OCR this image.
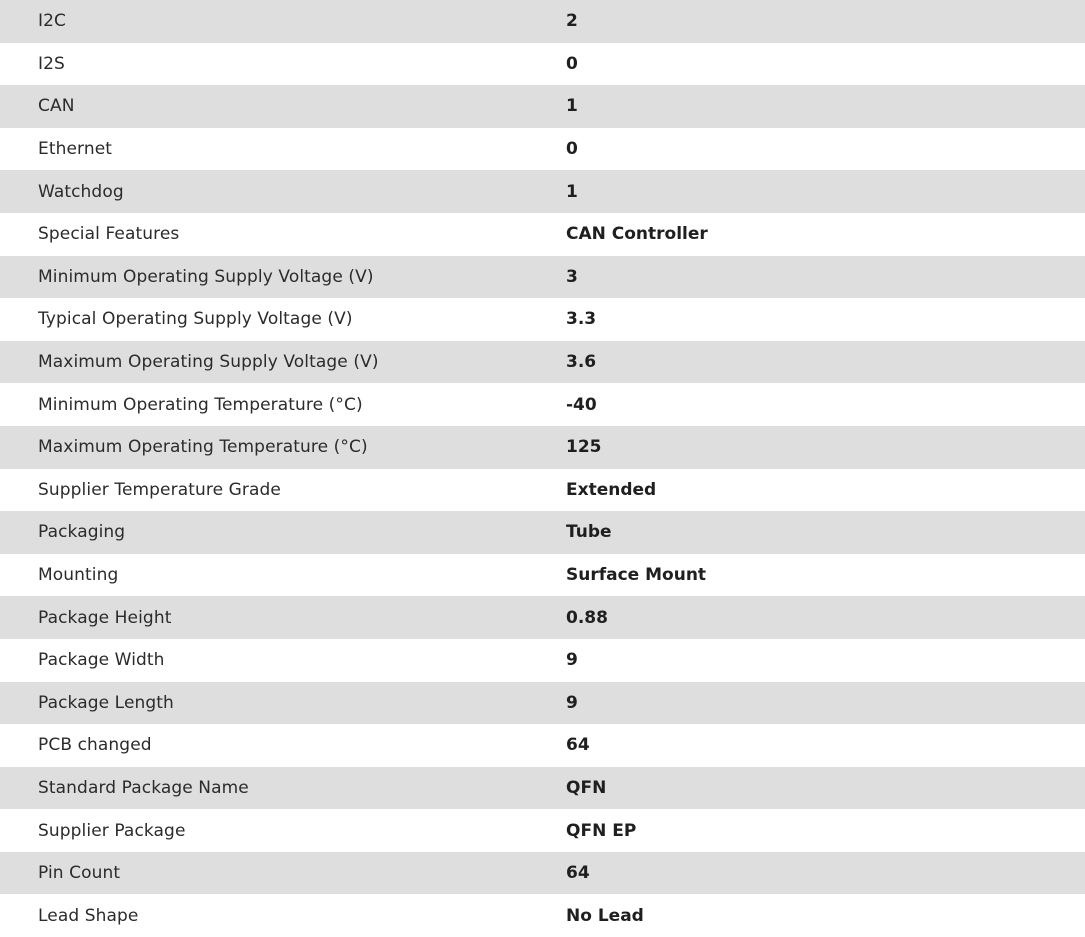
I2C	2
I2S	0
CAN	1
Ethernet	0
Watchdog	1
Special Features	CAN Controller
Minimum Operating Supply Voltage (V)	3
Typical Operating Supply Voltage (V)	3.3
Maximum Operating Supply Voltage (V)	3.6
Minimum Operating Temperature (°C)	-40
Maximum Operating Temperature (°C)	125
Supplier Temperature Grade	Extended
Packaging	Tube
Mounting	Surface Mount
Package Height	0.88
Package Width	9
Package Length	9
PCB changed	64
Standard Package Name	QFN
Supplier Package	QFN EP
Pin Count	64
Lead Shape	No Lead
